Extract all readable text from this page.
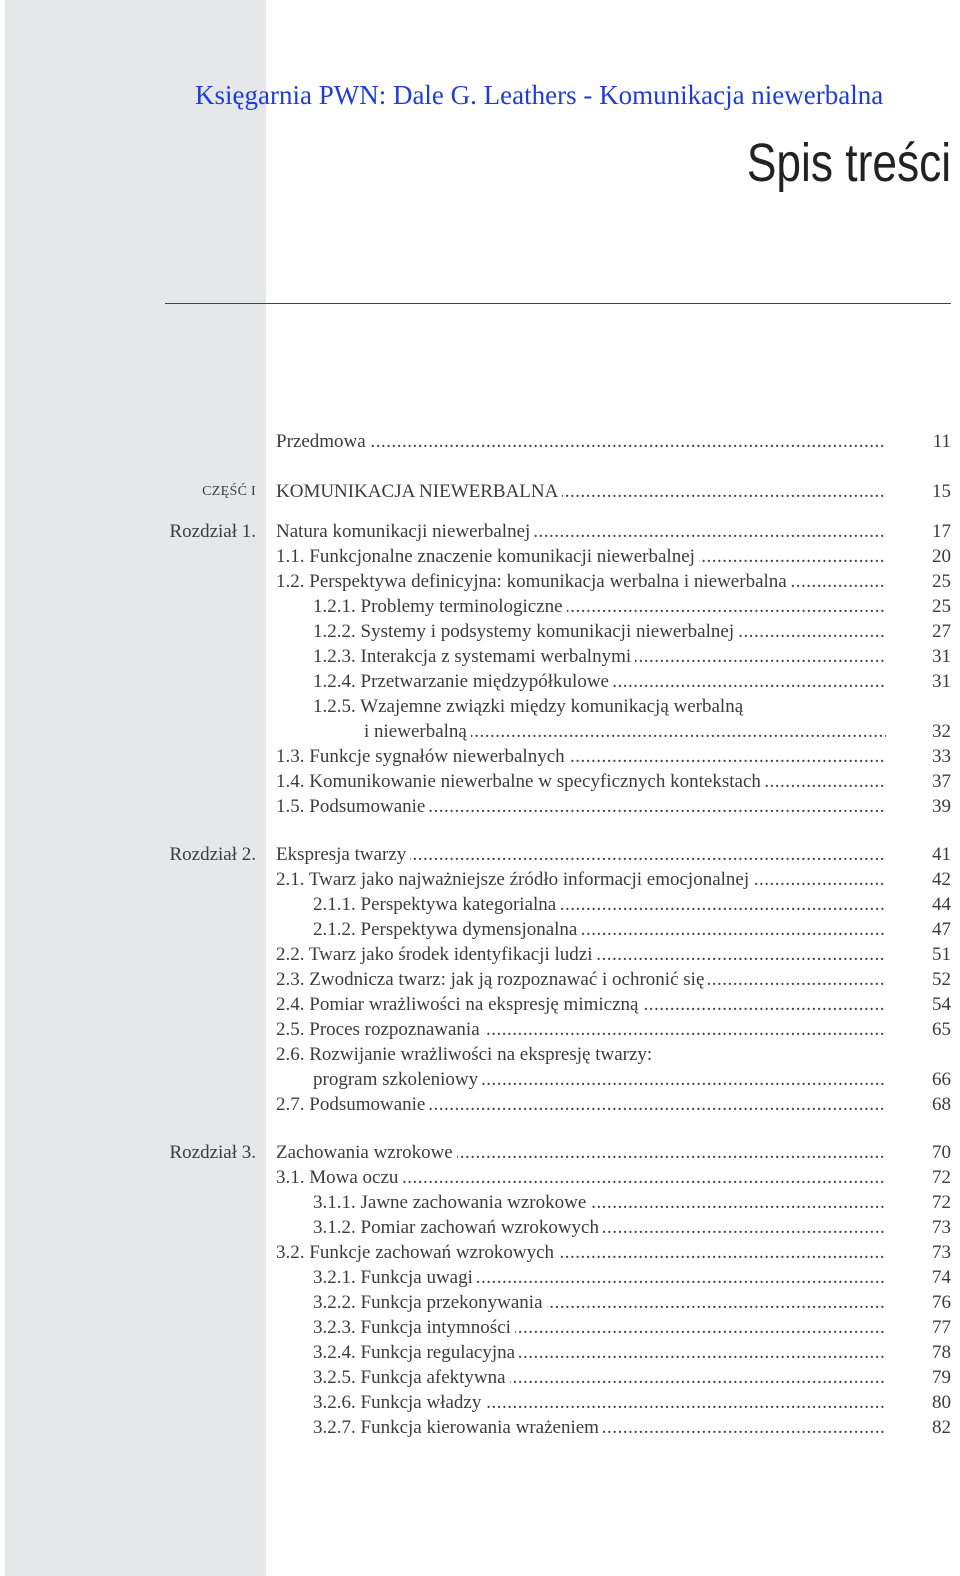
Księgarnia PWN: Dale G. Leathers - Komunikacja niewerbalna
Spis treści
Przedmowa .....	11
CZĘŚĆ I KOMUNIKACJA NIEWERBALNA .....	15
Rozdział 1. Natura komunikacji niewerbalnej .....	17
1.1. Funkcjonalne znaczenie komunikacji niewerbalnej .....	20
1.2. Perspektywa definicyjna: komunikacja werbalna i niewerbalna .....	25
1.2.1. Problemy terminologiczne .....	25
1.2.2. Systemy i podsystemy komunikacji niewerbalnej .....	27
1.2.3. Interakcja z systemami werbalnymi .....	31
1.2.4. Przetwarzanie międzypółkulowe .....	31
1.2.5. Wzajemne związki między komunikacją werbalną
i niewerbalną .....	32
1.3. Funkcje sygnałów niewerbalnych .....	33
1.4. Komunikowanie niewerbalne w specyficznych kontekstach .....	37
1.5. Podsumowanie .....	39
Rozdział 2. Ekspresja twarzy .....	41
2.1. Twarz jako najważniejsze źródło informacji emocjonalnej .....	42
2.1.1. Perspektywa kategorialna .....	44
2.1.2. Perspektywa dymensjonalna .....	47
2.2. Twarz jako środek identyfikacji ludzi .....	51
2.3. Zwodnicza twarz: jak ją rozpoznawać i ochronić się .....	52
2.4. Pomiar wrażliwości na ekspresję mimiczną .....	54
2.5. Proces rozpoznawania .....	65
2.6. Rozwijanie wrażliwości na ekspresję twarzy:
program szkoleniowy .....	66
2.7. Podsumowanie .....	68
Rozdział 3. Zachowania wzrokowe .....	70
3.1. Mowa oczu .....	72
3.1.1. Jawne zachowania wzrokowe .....	72
3.1.2. Pomiar zachowań wzrokowych .....	73
3.2. Funkcje zachowań wzrokowych .....	73
3.2.1. Funkcja uwagi .....	74
3.2.2. Funkcja przekonywania .....	76
3.2.3. Funkcja intymności .....	77
3.2.4. Funkcja regulacyjna .....	78
3.2.5. Funkcja afektywna .....	79
3.2.6. Funkcja władzy .....	80
3.2.7. Funkcja kierowania wrażeniem .....	82
